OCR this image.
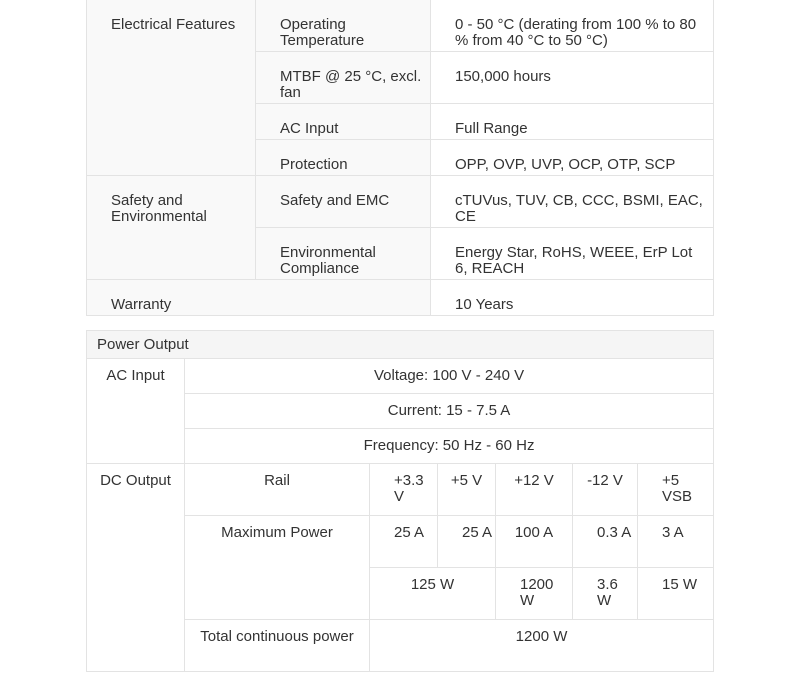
Electrical Features	Operating Temperature	0 - 50 °C (derating from 100 % to 80 % from 40 °C to 50 °C)
	MTBF @ 25 °C, excl. fan	150,000 hours
	AC Input	Full Range
	Protection	OPP, OVP, UVP, OCP, OTP, SCP
Safety and Environmental	Safety and EMC	cTUVus, TUV, CB, CCC, BSMI, EAC, CE
	Environmental Compliance	Energy Star, RoHS, WEEE, ErP Lot 6, REACH
Warranty		10 Years
Power Output						
AC Input	Voltage: 100 V - 240 V					
	Current: 15 - 7.5 A					
	Frequency: 50 Hz - 60 Hz					
DC Output	Rail	+3.3 V	+5 V	+12 V	-12 V	+5 VSB
	Maximum Power	25 A	25 A	100 A	0.3 A	3 A
		125 W		1200 W	3.6 W	15 W
	Total continuous power	1200 W				
